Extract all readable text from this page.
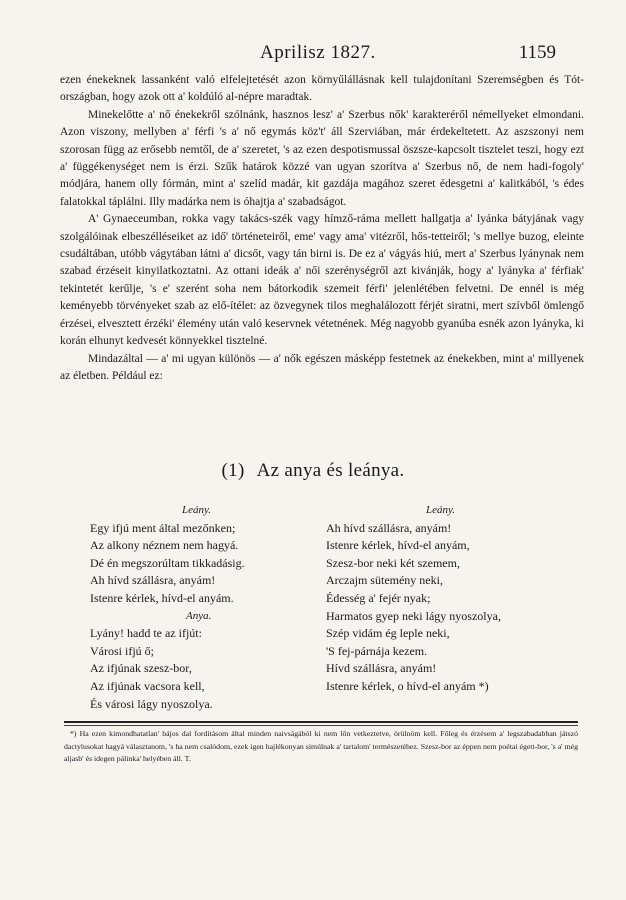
Aprilisz 1827.	1159

ezen énekeknek lassanként való elfelejtetését azon környűlállásnak kell tulajdonítani Szeremségben és Tót-országban, hogy azok ott a' koldúló al-népre maradtak.

Minekelőtte a' nő énekekről szólnánk, hasznos lesz' a' Szerbus nők' karakteréről némellyeket elmondani. Azon viszony, mellyben a' férfi 's a' nő egymás köz't' áll Szerviában, már érdekeltetett. Az aszszonyi nem szorosan függ az erősebb nemtől, de a' szeretet, 's az ezen despotismussal öszsze-kapcsolt tisztelet teszi, hogy ezt a' függékenységet nem is érzi. Szűk határok közzé van ugyan szorítva a' Szerbus nő, de nem hadi-fogoly' módjára, hanem olly fórmán, mint a' szelíd madár, kit gazdája magához szeret édesgetni a' kalitkából, 's édes falatokkal táplálni. Illy madárka nem is óhajtja a' szabadságot.

A' Gynaeceumban, rokka vagy takács-szék vagy hímző-ráma mellett hallgatja a' lyánka bátyjának vagy szolgálóinak elbeszélléseiket az idő' történeteiről, eme' vagy ama' vitézről, hős-tetteiről; 's mellye buzog, eleinte csudáltában, utóbb vágytában látni a' dicsőt, vagy tán birni is. De ez a' vágyás hiú, mert a' Szerbus lyánynak nem szabad érzéseit kinyilatkoztatni. Az ottani ideák a' női szerénységről azt kivánják, hogy a' lyányka a' férfiak' tekintetét kerűlje, 's e' szerént soha nem bátorkodik szemeit férfi' jelenlétében felvetni. De ennél is még keményebb törvényeket szab az elő-ítélet: az özvegynek tilos meghalálozott férjét siratni, mert szívből ömlengő érzései, elvesztett érzéki' élemény után való keservnek vétetnének. Még nagyobb gyanúba esnék azon lyányka, ki korán elhunyt kedvesét könnyekkel tisztelné.

Mindazáltal — a' mi ugyan különös — a' nők egészen másképp festetnek az énekekben, mint a' millyenek az életben. Például ez:

(1) Az anya és leánya.
Leány.
Egy ifjú ment által mezőnken;
Az alkony néznem nem hagyá.
Dé én megszorúltam tikkadásig.
Ah hívd szállásra, anyám!
Istenre kérlek, hívd-el anyám.
Anya.
Lyány! hadd te az ifjút:
Városi ifjú ő;
Az ifjúnak szesz-bor,
Az ifjúnak vacsora kell,
És városi lágy nyoszolya.
Leány.
Ah hívd szállásra, anyám!
Istenre kérlek, hívd-el anyám,
Szesz-bor neki két szemem,
Arczajm sütemény neki,
Édesség a' fejér nyak;
Harmatos gyep neki lágy nyoszolya,
Szép vidám ég leple neki,
'S fej-párnája kezem.
Hívd szállásra, anyám!
Istenre kérlek, o hívd-el anyám *)

*) Ha ezen kimondhatatlan' bájos dal fordításom által minden naivságából ki nem lőn vetkeztetve, örülnöm kell. Főleg és érzésem a' legszabadabban játszó dactylusokat hagyá választanom, 's ha nem csalódom, ezek igen hajlékonyan simúlnak a' tartalom' természetéhez. Szesz-bor az éppen nem poétai égett-bor, 's a' még aljasb' és idegen pálinka' helyében áll. T.
